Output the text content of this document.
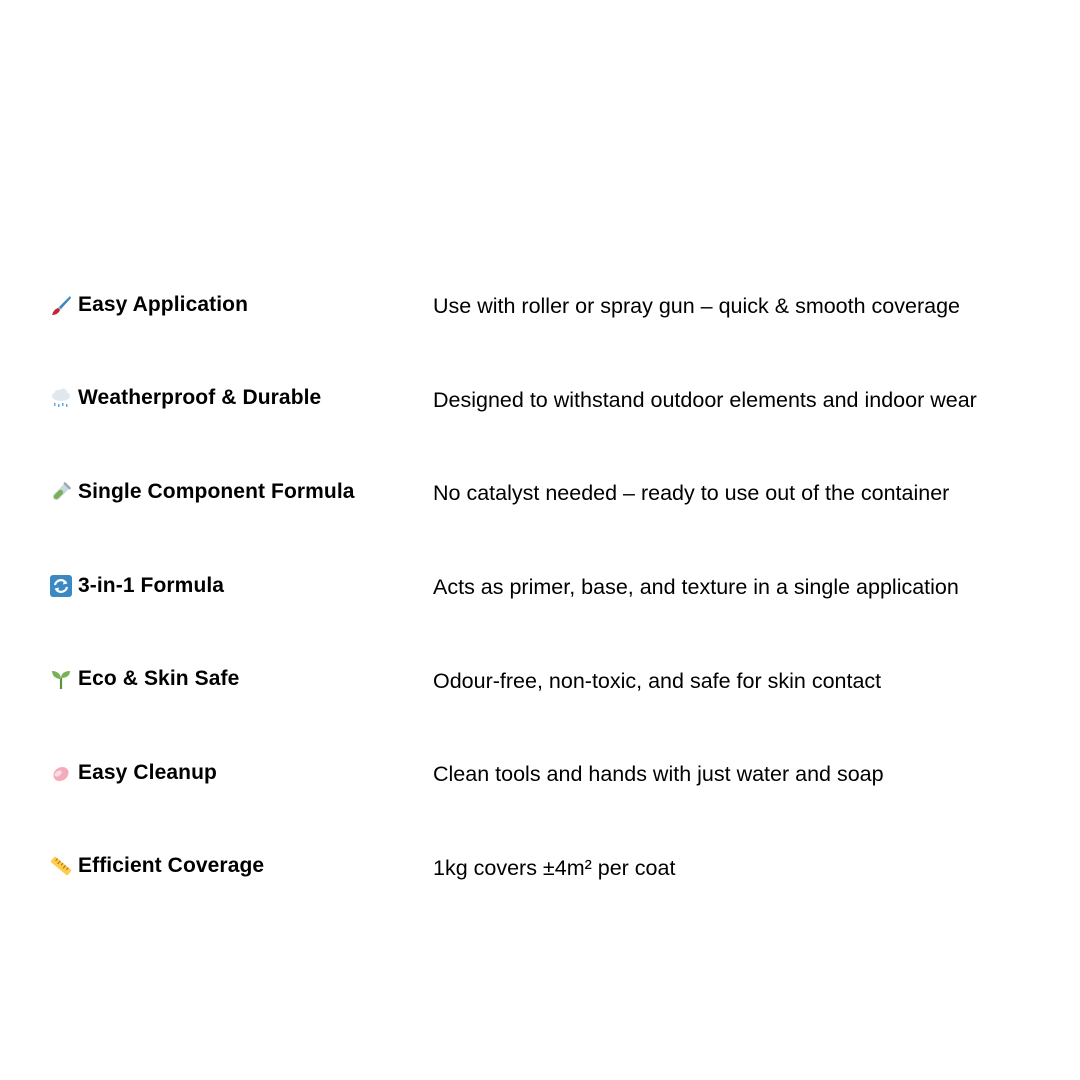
Easy Application	Use with roller or spray gun – quick & smooth coverage
Weatherproof & Durable	Designed to withstand outdoor elements and indoor wear
Single Component Formula	No catalyst needed – ready to use out of the container
3-in-1 Formula	Acts as primer, base, and texture in a single application
Eco & Skin Safe	Odour-free, non-toxic, and safe for skin contact
Easy Cleanup	Clean tools and hands with just water and soap
Efficient Coverage	1kg covers ±4m² per coat
